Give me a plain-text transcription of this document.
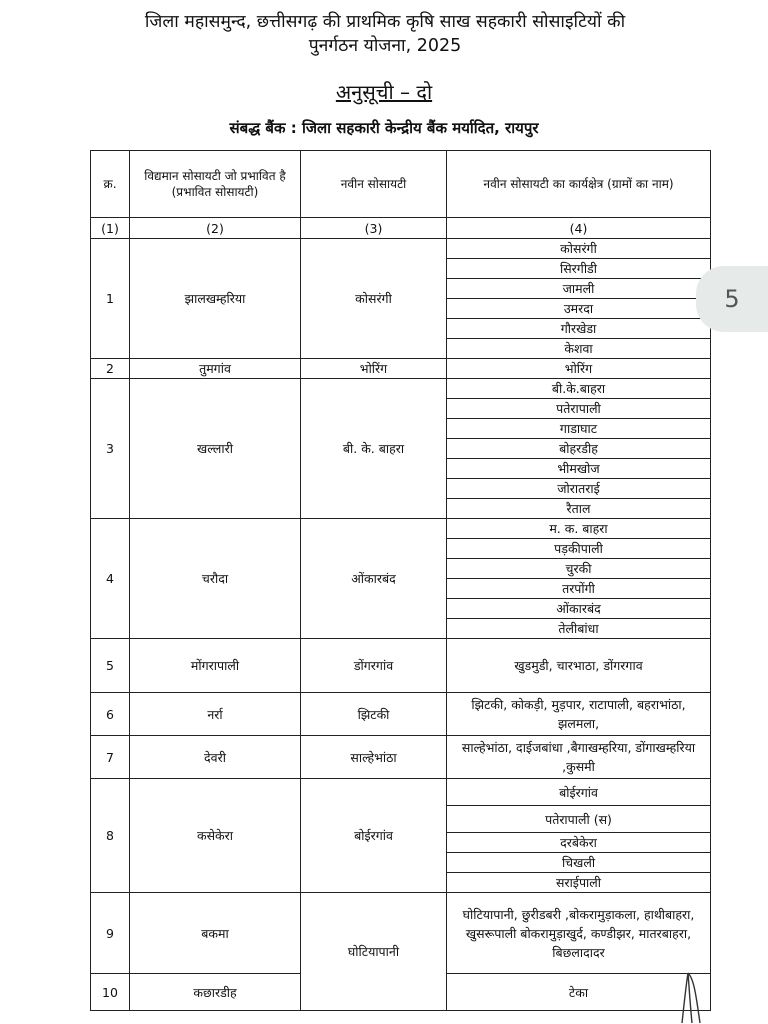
जिला महासमुन्द, छत्तीसगढ़ की प्राथमिक कृषि साख सहकारी सोसाइटियों की
पुनर्गठन योजना, 2025
अनुसूची – दो
संबद्ध बैंक : जिला सहकारी केन्द्रीय बैंक मर्यादित, रायपुर
क्र.	विद्यमान सोसायटी जो प्रभावित है (प्रभावित सोसायटी)	नवीन सोसायटी	नवीन सोसायटी का कार्यक्षेत्र (ग्रामों का नाम)
(1)	(2)	(3)	(4)
1	झालखम्हरिया	कोसरंगी	कोसरंगी
			सिरगीडी
			जामली
			उमरदा
			गौरखेडा
			केशवा
2	तुमगांव	भोरिंग	भोरिंग
3	खल्लारी	बी. के. बाहरा	बी.के.बाहरा
			पतेरापाली
			गाडाघाट
			बोहरडीह
			भीमखोज
			जोरातराई
			रैताल
4	चरौदा	ओंकारबंद	म. क. बाहरा
			पड़कीपाली
			चुरकी
			तरपोंगी
			ओंकारबंद
			तेलीबांधा
5	मोंगरापाली	डोंगरगांव	खुडमुडी, चारभाठा, डोंगरगाव
6	नर्रा	झिटकी	झिटकी, कोकड़ी, मुड़पार, राटापाली, बहराभांठा, झलमला,
7	देवरी	साल्हेभांठा	साल्हेभांठा, दाईजबांधा ,बैगाखम्हरिया, डोंगाखम्हरिया ,कुसमी
8	कसेकेरा	बोईरगांव	बोईरगांव
			पतेरापाली (स)
			दरबेकेरा
			चिखली
			सराईपाली
9	बकमा	घोटियापानी	घोटियापानी, छुरीडबरी ,बोकरामुड़ाकला, हाथीबाहरा, खुसरूपाली बोकरामुड़ाखुर्द, कण्डीझर, मातरबाहरा, बिछलादादर
10	कछारडीह		टेका
5
